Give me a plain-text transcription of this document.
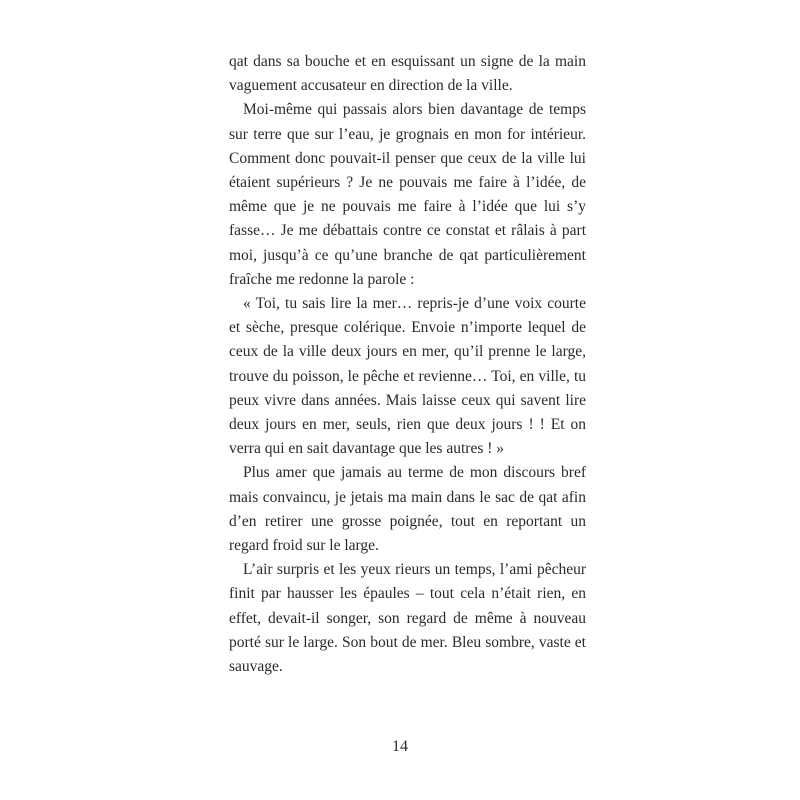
qat dans sa bouche et en esquissant un signe de la main vaguement accusateur en direction de la ville.

Moi-même qui passais alors bien davantage de temps sur terre que sur l’eau, je grognais en mon for intérieur. Comment donc pouvait-il penser que ceux de la ville lui étaient supérieurs ? Je ne pouvais me faire à l’idée, de même que je ne pouvais me faire à l’idée que lui s’y fasse… Je me débattais contre ce constat et râlais à part moi, jusqu’à ce qu’une branche de qat particulièrement fraîche me redonne la parole :

« Toi, tu sais lire la mer… repris-je d’une voix courte et sèche, presque colérique. Envoie n’importe lequel de ceux de la ville deux jours en mer, qu’il prenne le large, trouve du poisson, le pêche et revienne… Toi, en ville, tu peux vivre dans années. Mais laisse ceux qui savent lire deux jours en mer, seuls, rien que deux jours ! ! Et on verra qui en sait davantage que les autres ! »

Plus amer que jamais au terme de mon discours bref mais convaincu, je jetais ma main dans le sac de qat afin d’en retirer une grosse poignée, tout en reportant un regard froid sur le large.

L’air surpris et les yeux rieurs un temps, l’ami pêcheur finit par hausser les épaules – tout cela n’était rien, en effet, devait-il songer, son regard de même à nouveau porté sur le large. Son bout de mer. Bleu sombre, vaste et sauvage.

14
